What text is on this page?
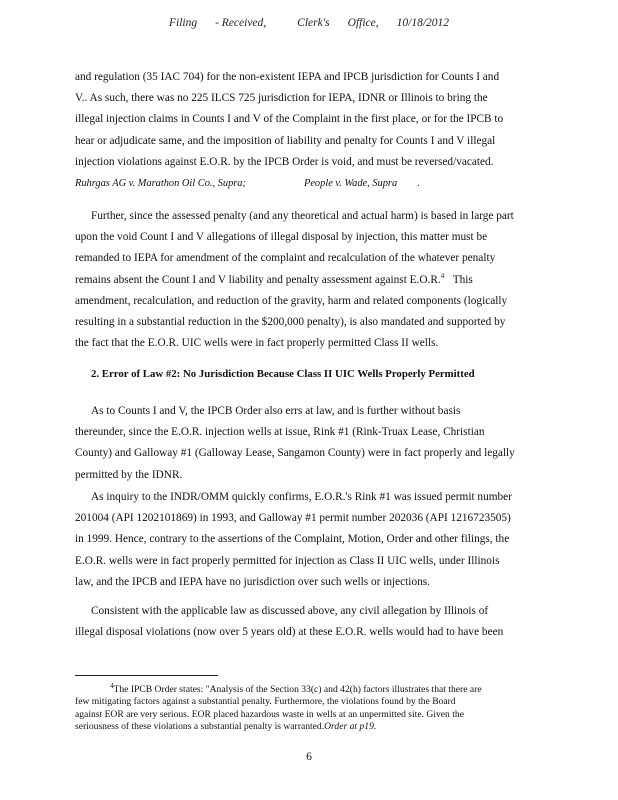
Filing - Received,	Clerk's Office, 10/18/2012
and regulation (35 IAC 704) for the non-existent IEPA and IPCB jurisdiction for Counts I and
V.. As such, there was no 225 ILCS 725 jurisdiction for IEPA, IDNR or Illinois to bring the
illegal injection claims in Counts I and V of the Complaint in the first place, or for the IPCB to
hear or adjudicate same, and the imposition of liability and penalty for Counts I and V illegal
injection violations against E.O.R. by the IPCB Order is void, and must be reversed/vacated.
Ruhrgas AG v. Marathon Oil Co., Supra;	People v. Wade, Supra .
Further, since the assessed penalty (and any theoretical and actual harm) is based in large part
upon the void Count I and V allegations of illegal disposal by injection, this matter must be
remanded to IEPA for amendment of the complaint and recalculation of the whatever penalty
remains absent the Count I and V liability and penalty assessment against E.O.R.$^4$ This
amendment, recalculation, and reduction of the gravity, harm and related components (logically
resulting in a substantial reduction in the $200,000 penalty), is also mandated and supported by
the fact that the E.O.R. UIC wells were in fact properly permitted Class II wells.
2. Error of Law #2: No Jurisdiction Because Class II UIC Wells Properly Permitted
As to Counts I and V, the IPCB Order also errs at law, and is further without basis
thereunder, since the E.O.R. injection wells at issue, Rink #1 (Rink-Truax Lease, Christian
County) and Galloway #1 (Galloway Lease, Sangamon County) were in fact properly and legally
permitted by the IDNR.
As inquiry to the INDR/OMM quickly confirms, E.O.R.'s Rink #1 was issued permit number
201004 (API 1202101869) in 1993, and Galloway #1 permit number 202036 (API 1216723505)
in 1999. Hence, contrary to the assertions of the Complaint, Motion, Order and other filings, the
E.O.R. wells were in fact properly permitted for injection as Class II UIC wells, under Illinois
law, and the IPCB and IEPA have no jurisdiction over such wells or injections.
Consistent with the applicable law as discussed above, any civil allegation by Illinois of
illegal disposal violations (now over 5 years old) at these E.O.R. wells would had to have been
$^4$The IPCB Order states: "Analysis of the Section 33(c) and 42(h) factors illustrates that there are
few mitigating factors against a substantial penalty. Furthermore, the violations found by the Board
against EOR are very serious. EOR placed hazardous waste in wells at an unpermitted site. Given the
seriousness of these violations a substantial penalty is warranted.Order at p19.
6
